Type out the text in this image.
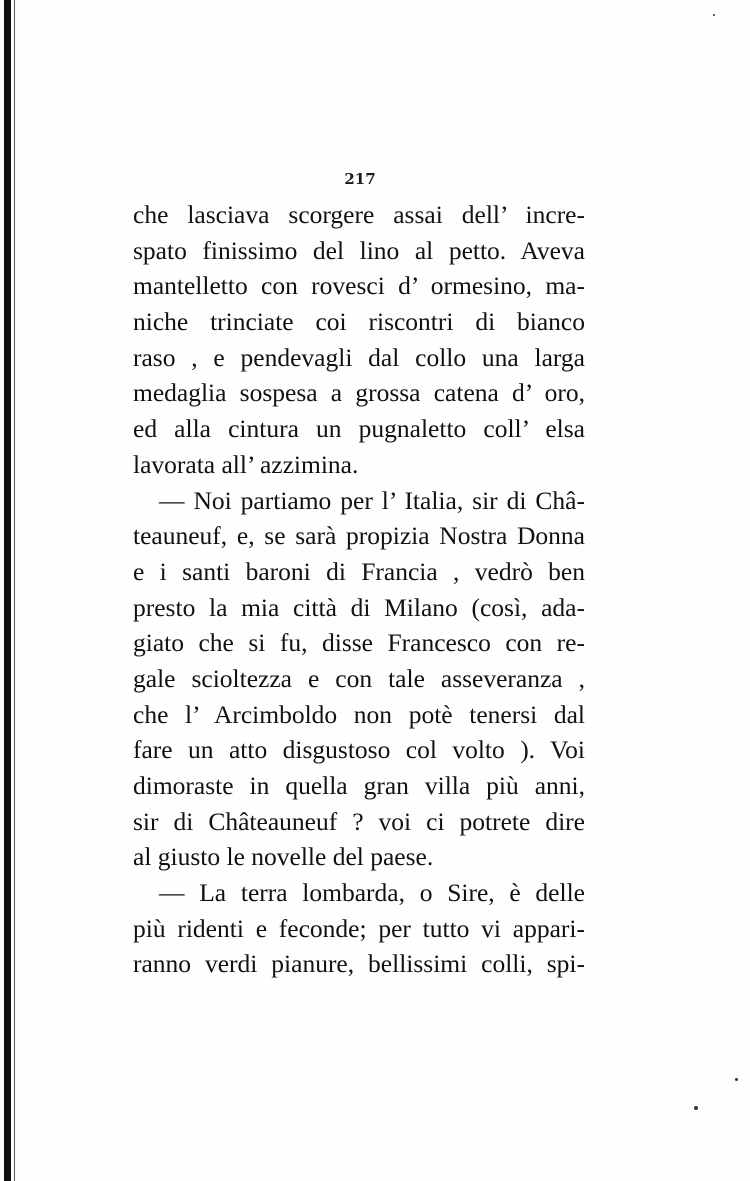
217
che lasciava scorgere assai dell’ incre-
spato finissimo del lino al petto. Aveva
mantelletto con rovesci d’ ormesino, ma-
niche trinciate coi riscontri di bianco
raso , e pendevagli dal collo una larga
medaglia sospesa a grossa catena d’ oro,
ed alla cintura un pugnaletto coll’ elsa
lavorata all’ azzimina.
— Noi partiamo per l’ Italia, sir di Châ-
teauneuf, e, se sarà propizia Nostra Donna
e i santi baroni di Francia , vedrò ben
presto la mia città di Milano (così, ada-
giato che si fu, disse Francesco con re-
gale scioltezza e con tale asseveranza ,
che l’ Arcimboldo non potè tenersi dal
fare un atto disgustoso col volto ). Voi
dimoraste in quella gran villa più anni,
sir di Châteauneuf ? voi ci potrete dire
al giusto le novelle del paese.
— La terra lombarda, o Sire, è delle
più ridenti e feconde; per tutto vi appari-
ranno verdi pianure, bellissimi colli, spi-
